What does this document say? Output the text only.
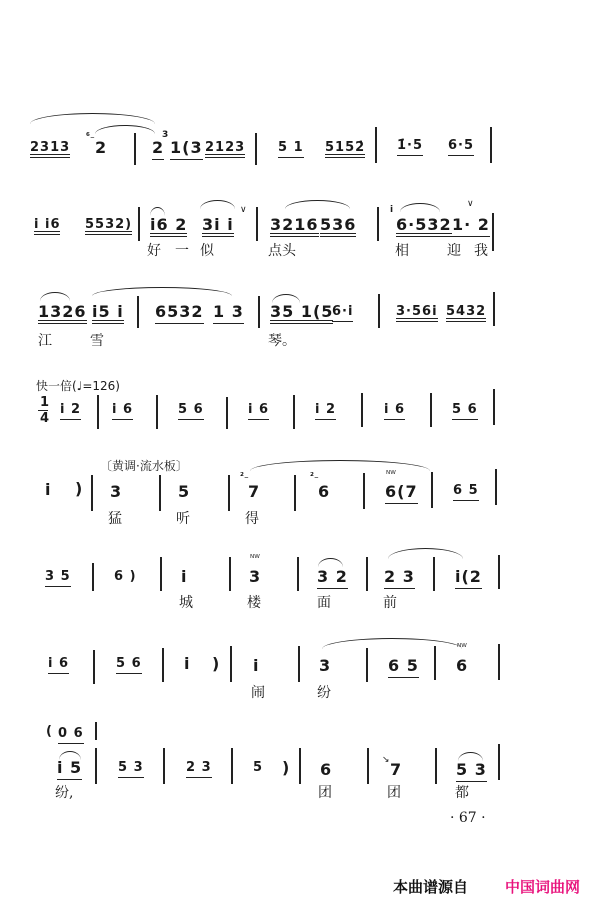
2313
⁶₋
2	2
3
1(3 2123	5 1 5152̇ 1̇·5 6·5
i i6 5532) i6 2 3i i
∨
好 一 似
3216 536
点头
i
6·532
∨
1· 2
相	迎 我
1326 i5 i
江	雪
6532 1 3 35 1(5
6·i
琴。
3·56i 5432
快一倍(♩=126)
1
4
i 2 i 6	5 6	i 6	i 2	i 6	5 6
〔黄调·流水板〕
i ) 3
猛
5
听
²₋
7
得
²₋
6
ᴺᵂ
6(7	6 5
3 5	6 )	i
城
ᴺᵂ
3
楼
3 2
面
2 3
前
i(2
i 6	5 6	i ) i
闹
3
纷
6 5
ᴺᵂ
6
( 0 6
i 5
纷,
5 3	2 3	5 ) 6
团
↘ 7
团
5 3
都
· 67 ·
本曲谱源自 中国词曲网
